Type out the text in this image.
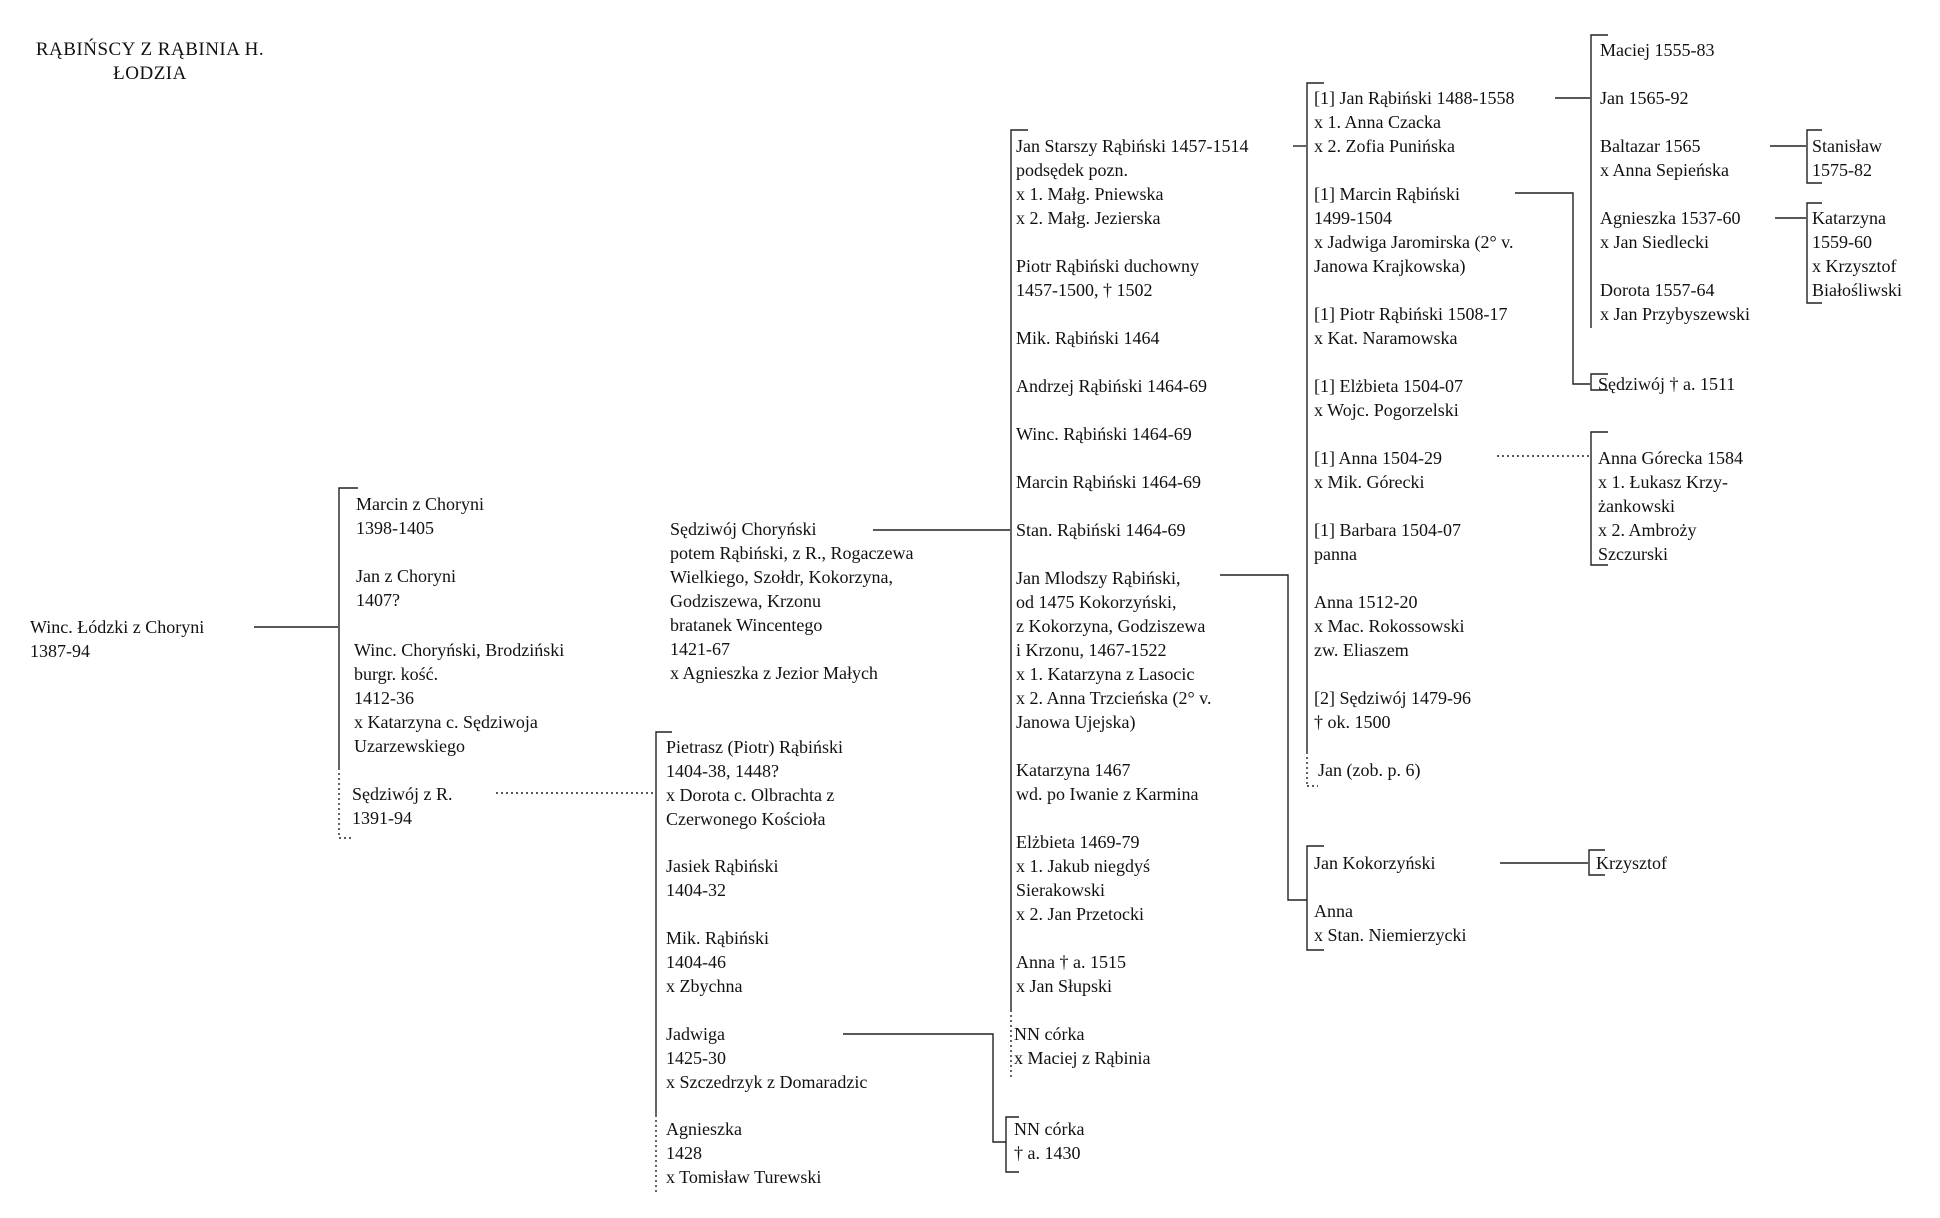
RĄBIŃSCY Z RĄBINIA H. ŁODZIA
Winc. Łódzki z Choryni
1387-94
Marcin z Choryni
1398-1405
Jan z Choryni
1407?
Winc. Choryński, Brodziński
burgr. kość.
1412-36
x Katarzyna c. Sędziwoja
Uzarzewskiego
Sędziwój z R.
1391-94
Sędziwój Choryński
potem Rąbiński, z R., Rogaczewa
Wielkiego, Szołdr, Kokorzyna,
Godziszewa, Krzonu
bratanek Wincentego
1421-67
x Agnieszka z Jezior Małych
Pietrasz (Piotr) Rąbiński
1404-38, 1448?
x Dorota c. Olbrachta z
Czerwonego Kościoła
Jasiek Rąbiński
1404-32
Mik. Rąbiński
1404-46
x Zbychna
Jadwiga
1425-30
x Szczedrzyk z Domaradzic
Agnieszka
1428
x Tomisław Turewski
Jan Starszy Rąbiński 1457-1514
podsędek pozn.
x 1. Małg. Pniewska
x 2. Małg. Jezierska
Piotr Rąbiński duchowny
1457-1500, † 1502
Mik. Rąbiński 1464
Andrzej Rąbiński 1464-69
Winc. Rąbiński 1464-69
Marcin Rąbiński 1464-69
Stan. Rąbiński 1464-69
Jan Mlodszy Rąbiński,
od 1475 Kokorzyński,
z Kokorzyna, Godziszewa
i Krzonu, 1467-1522
x 1. Katarzyna z Lasocic
x 2. Anna Trzcieńska (2° v.
Janowa Ujejska)
Katarzyna 1467
wd. po Iwanie z Karmina
Elżbieta 1469-79
x 1. Jakub niegdyś
Sierakowski
x 2. Jan Przetocki
Anna † a. 1515
x Jan Słupski
NN córka
x Maciej z Rąbinia
NN córka
† a. 1430
[1] Jan Rąbiński 1488-1558
x 1. Anna Czacka
x 2. Zofia Punińska
[1] Marcin Rąbiński
1499-1504
x Jadwiga Jaromirska (2° v.
Janowa Krajkowska)
[1] Piotr Rąbiński 1508-17
x Kat. Naramowska
[1] Elżbieta 1504-07
x Wojc. Pogorzelski
[1] Anna 1504-29
x Mik. Górecki
[1] Barbara 1504-07
panna
Anna 1512-20
x Mac. Rokossowski
zw. Eliaszem
[2] Sędziwój 1479-96
† ok. 1500
Jan (zob. p. 6)
Jan Kokorzyński
Anna
x Stan. Niemierzycki
Maciej 1555-83
Jan 1565-92
Baltazar 1565
x Anna Sepieńska
Agnieszka 1537-60
x Jan Siedlecki
Dorota 1557-64
x Jan Przybyszewski
Sędziwój † a. 1511
Anna Górecka 1584
x 1. Łukasz Krzy-
żankowski
x 2. Ambroży
Szczurski
Krzysztof
Stanisław
1575-82
Katarzyna
1559-60
x Krzysztof
Białośliwski
